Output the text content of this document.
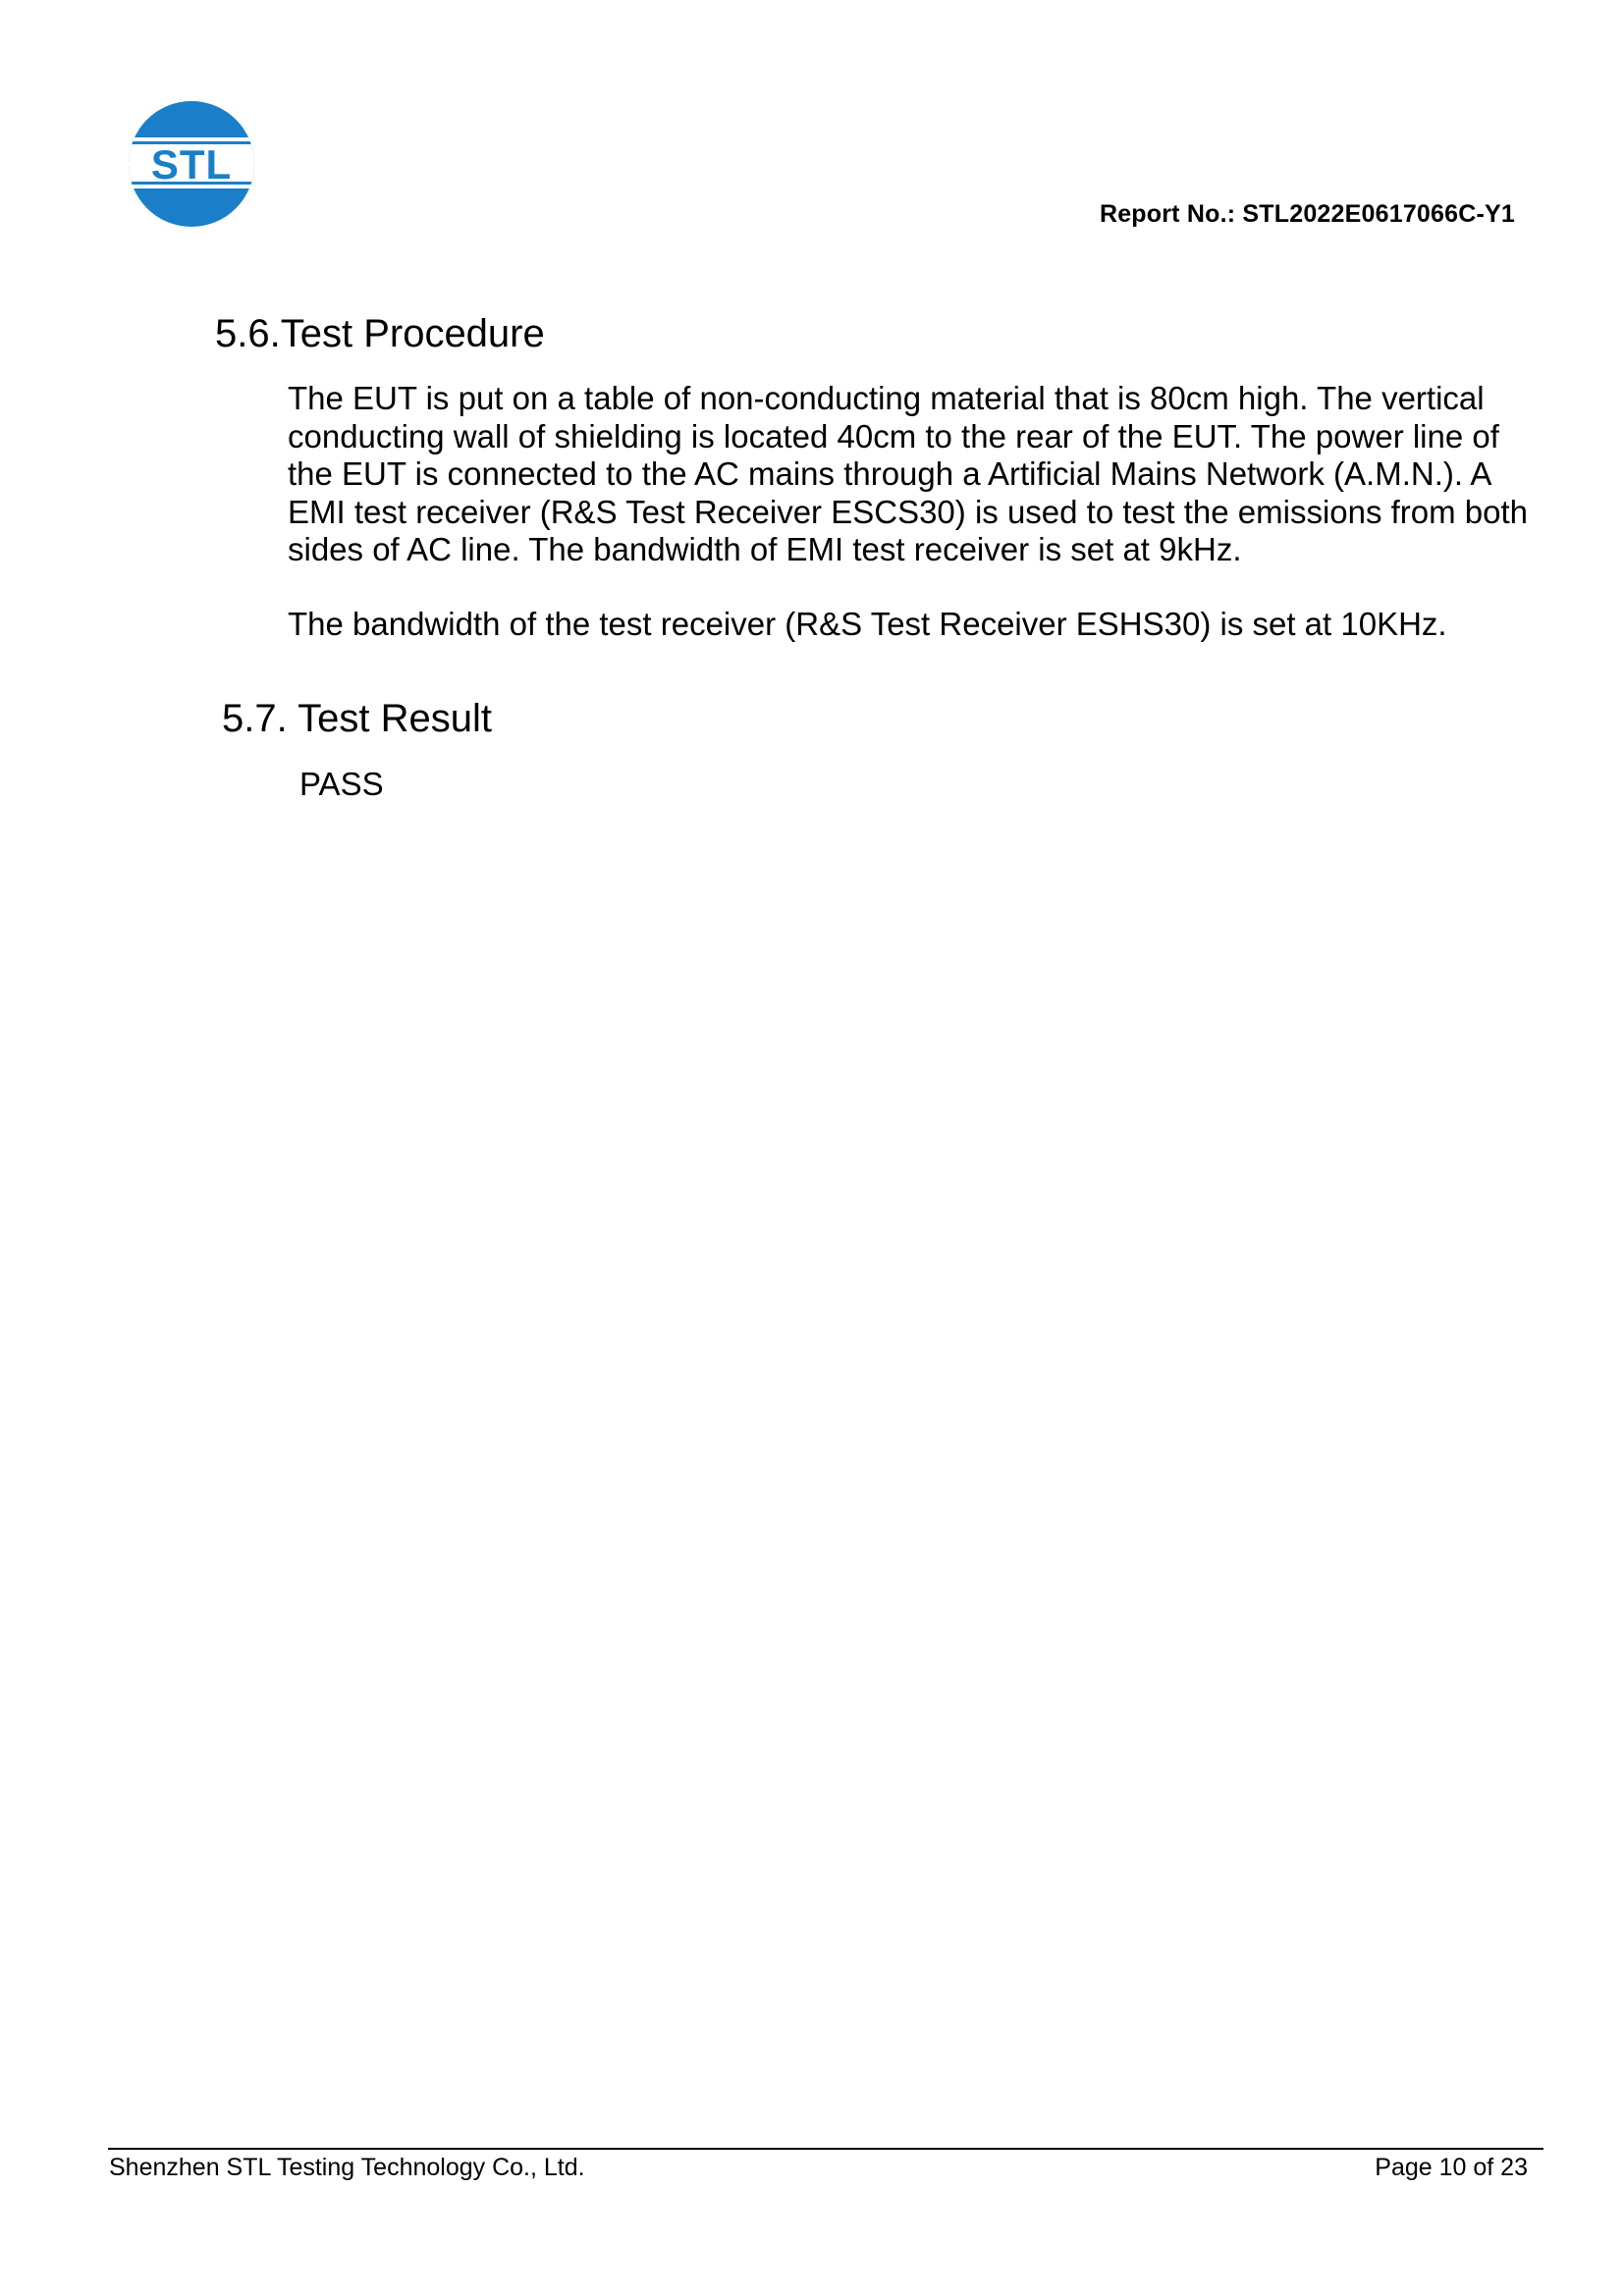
STL
Report No.: STL2022E0617066C-Y1
5.6.Test Procedure
The EUT is put on a table of non-conducting material that is 80cm high. The vertical conducting wall of shielding is located 40cm to the rear of the EUT. The power line of the EUT is connected to the AC mains through a Artificial Mains Network (A.M.N.). A EMI test receiver (R&S Test Receiver ESCS30) is used to test the emissions from both sides of AC line. The bandwidth of EMI test receiver is set at 9kHz.
The bandwidth of the test receiver (R&S Test Receiver ESHS30) is set at 10KHz.
5.7. Test Result
PASS
Shenzhen STL Testing Technology Co., Ltd.	Page 10 of 23
